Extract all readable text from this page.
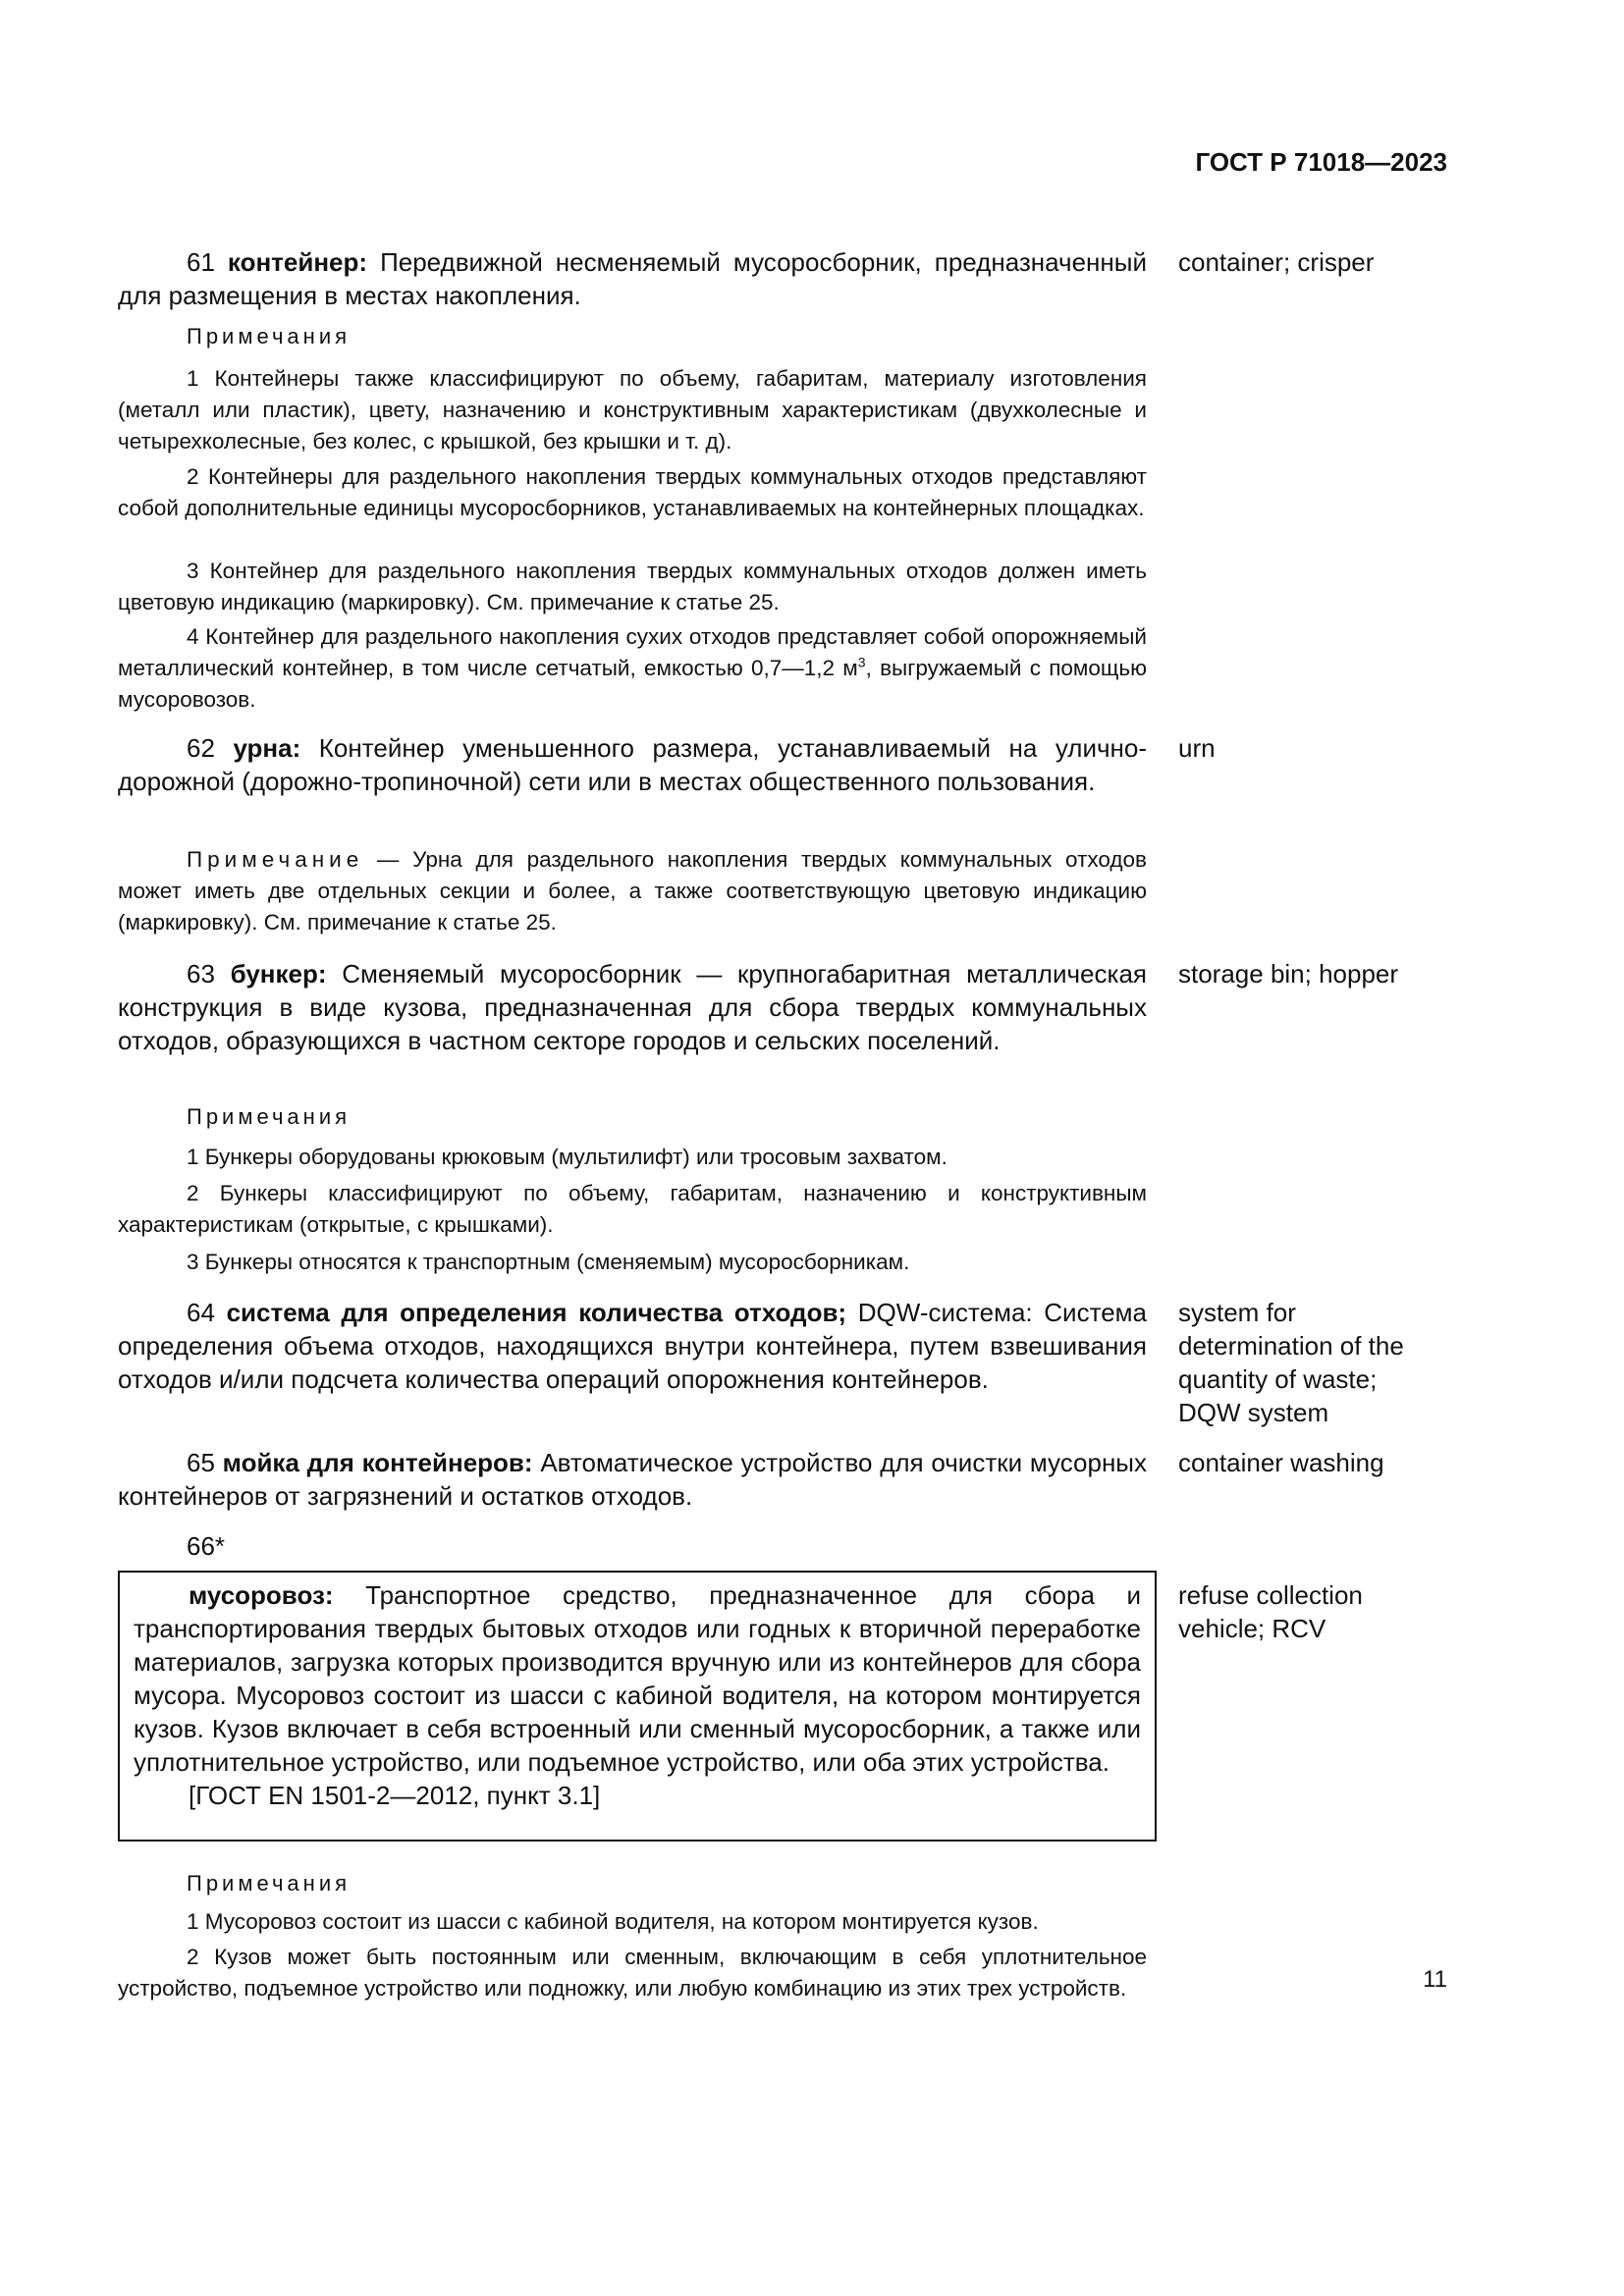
ГОСТ Р 71018—2023

61 контейнер: Передвижной несменяемый мусоросборник, предназначенный для размещения в местах накопления.

container; crisper

Примечания

1 Контейнеры также классифицируют по объему, габаритам, материалу изготовления (металл или пластик), цвету, назначению и конструктивным характеристикам (двухколесные и четырехколесные, без колес, с крышкой, без крышки и т. д).

2 Контейнеры для раздельного накопления твердых коммунальных отходов представляют собой дополнительные единицы мусоросборников, устанавливаемых на контейнерных площадках.

3 Контейнер для раздельного накопления твердых коммунальных отходов должен иметь цветовую индикацию (маркировку). См. примечание к статье 25.

4 Контейнер для раздельного накопления сухих отходов представляет собой опорожняемый металлический контейнер, в том числе сетчатый, емкостью 0,7—1,2 $м^3$, выгружаемый с помощью мусоровозов.

62 урна: Контейнер уменьшенного размера, устанавливаемый на улично-дорожной (дорожно-тропиночной) сети или в местах общественного пользования.

urn

Примечание — Урна для раздельного накопления твердых коммунальных отходов может иметь две отдельных секции и более, а также соответствующую цветовую индикацию (маркировку). См. примечание к статье 25.

63 бункер: Сменяемый мусоросборник — крупногабаритная металлическая конструкция в виде кузова, предназначенная для сбора твердых коммунальных отходов, образующихся в частном секторе городов и сельских поселений.

storage bin; hopper

Примечания

1 Бункеры оборудованы крюковым (мультилифт) или тросовым захватом.

2 Бункеры классифицируют по объему, габаритам, назначению и конструктивным характеристикам (открытые, с крышками).

3 Бункеры относятся к транспортным (сменяемым) мусоросборникам.

64 система для определения количества отходов; DQW-система: Система определения объема отходов, находящихся внутри контейнера, путем взвешивания отходов и/или подсчета количества операций опорожнения контейнеров.

system for
determination of the
quantity of waste;
DQW system

65 мойка для контейнеров: Автоматическое устройство для очистки мусорных контейнеров от загрязнений и остатков отходов.

container washing

66*

мусоровоз: Транспортное средство, предназначенное для сбора и транспортирования твердых бытовых отходов или годных к вторичной переработке материалов, загрузка которых производится вручную или из контейнеров для сбора мусора. Мусоровоз состоит из шасси с кабиной водителя, на котором монтируется кузов. Кузов включает в себя встроенный или сменный мусоросборник, а также или уплотнительное устройство, или подъемное устройство, или оба этих устройства.
[ГОСТ EN 1501-2—2012, пункт 3.1]

refuse collection
vehicle; RCV

Примечания

1 Мусоровоз состоит из шасси с кабиной водителя, на котором монтируется кузов.

2 Кузов может быть постоянным или сменным, включающим в себя уплотнительное устройство, подъемное устройство или подножку, или любую комбинацию из этих трех устройств.	11
